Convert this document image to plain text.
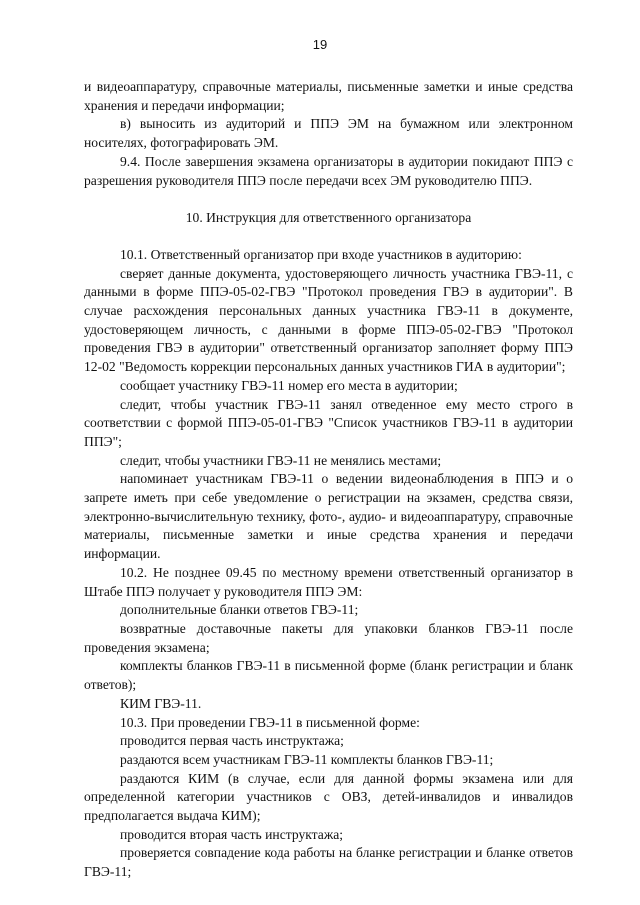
19

и видеоаппаратуру, справочные материалы, письменные заметки и иные средства хранения и передачи информации;

в) выносить из аудиторий и ППЭ ЭМ на бумажном или электронном носителях, фотографировать ЭМ.

9.4. После завершения экзамена организаторы в аудитории покидают ППЭ с разрешения руководителя ППЭ после передачи всех ЭМ руководителю ППЭ.

10. Инструкция для ответственного организатора

10.1. Ответственный организатор при входе участников в аудиторию:

сверяет данные документа, удостоверяющего личность участника ГВЭ-11, с данными в форме ППЭ-05-02-ГВЭ "Протокол проведения ГВЭ в аудитории". В случае расхождения персональных данных участника ГВЭ-11 в документе, удостоверяющем личность, с данными в форме ППЭ-05-02-ГВЭ "Протокол проведения ГВЭ в аудитории" ответственный организатор заполняет форму ППЭ 12-02 "Ведомость коррекции персональных данных участников ГИА в аудитории";

сообщает участнику ГВЭ-11 номер его места в аудитории;

следит, чтобы участник ГВЭ-11 занял отведенное ему место строго в соответствии с формой ППЭ-05-01-ГВЭ "Список участников ГВЭ-11 в аудитории ППЭ";

следит, чтобы участники ГВЭ-11 не менялись местами;

напоминает участникам ГВЭ-11 о ведении видеонаблюдения в ППЭ и о запрете иметь при себе уведомление о регистрации на экзамен, средства связи, электронно-вычислительную технику, фото-, аудио- и видеоаппаратуру, справочные материалы, письменные заметки и иные средства хранения и передачи информации.

10.2. Не позднее 09.45 по местному времени ответственный организатор в Штабе ППЭ получает у руководителя ППЭ ЭМ:

дополнительные бланки ответов ГВЭ-11;

возвратные доставочные пакеты для упаковки бланков ГВЭ-11 после проведения экзамена;

комплекты бланков ГВЭ-11 в письменной форме (бланк регистрации и бланк ответов);

КИМ ГВЭ-11.

10.3. При проведении ГВЭ-11 в письменной форме:

проводится первая часть инструктажа;

раздаются всем участникам ГВЭ-11 комплекты бланков ГВЭ-11;

раздаются КИМ (в случае, если для данной формы экзамена или для определенной категории участников с ОВЗ, детей-инвалидов и инвалидов предполагается выдача КИМ);

проводится вторая часть инструктажа;

проверяется совпадение кода работы на бланке регистрации и бланке ответов ГВЭ-11;
